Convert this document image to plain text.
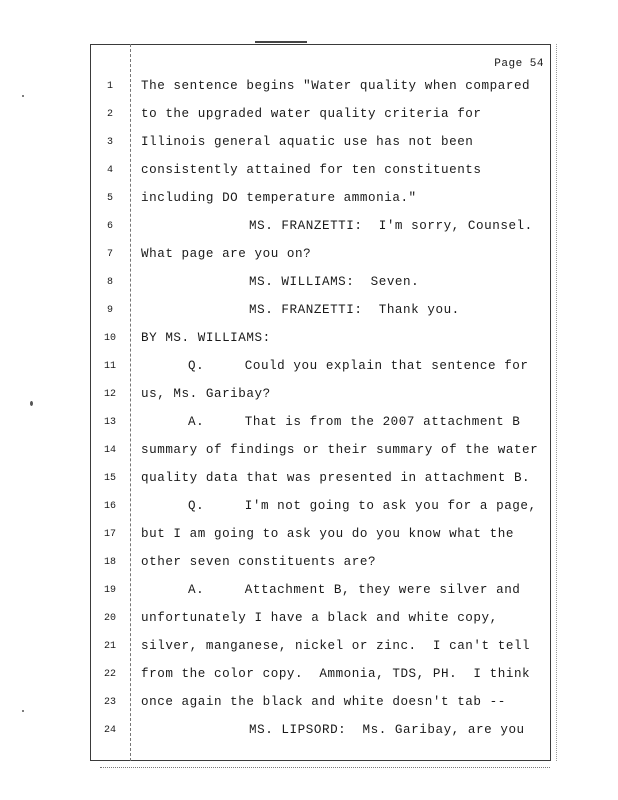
Page 54
1	The sentence begins "Water quality when compared
2	to the upgraded water quality criteria for
3	Illinois general aquatic use has not been
4	consistently attained for ten constituents
5	including DO temperature ammonia."
6	MS. FRANZETTI:  I'm sorry, Counsel.
7	What page are you on?
8	MS. WILLIAMS:  Seven.
9	MS. FRANZETTI:  Thank you.
10	BY MS. WILLIAMS:
11	Q.     Could you explain that sentence for
12	us, Ms. Garibay?
13	A.     That is from the 2007 attachment B
14	summary of findings or their summary of the water
15	quality data that was presented in attachment B.
16	Q.     I'm not going to ask you for a page,
17	but I am going to ask you do you know what the
18	other seven constituents are?
19	A.     Attachment B, they were silver and
20	unfortunately I have a black and white copy,
21	silver, manganese, nickel or zinc.  I can't tell
22	from the color copy.  Ammonia, TDS, PH.  I think
23	once again the black and white doesn't tab --
24	MS. LIPSORD:  Ms. Garibay, are you
